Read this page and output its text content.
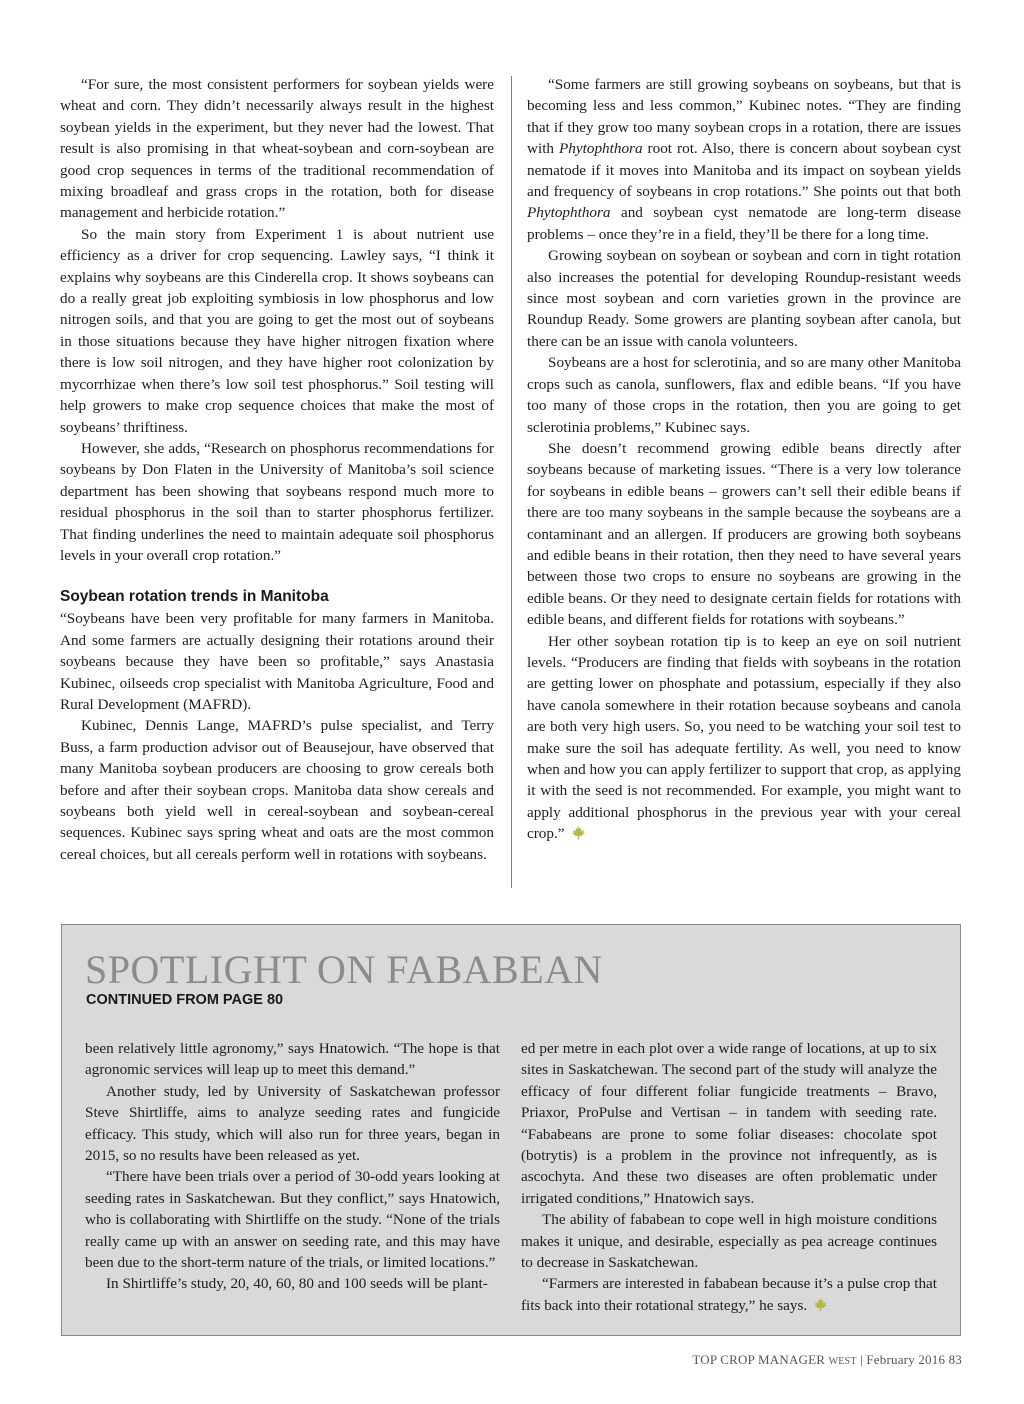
“For sure, the most consistent performers for soybean yields were wheat and corn. They didn’t necessarily always result in the highest soybean yields in the experiment, but they never had the lowest. That result is also promising in that wheat-soybean and corn-soybean are good crop sequences in terms of the traditional recommendation of mixing broadleaf and grass crops in the rotation, both for disease management and herbicide rotation.”

So the main story from Experiment 1 is about nutrient use efficiency as a driver for crop sequencing. Lawley says, “I think it explains why soybeans are this Cinderella crop. It shows soybeans can do a really great job exploiting symbiosis in low phosphorus and low nitrogen soils, and that you are going to get the most out of soybeans in those situations because they have higher nitrogen fixation where there is low soil nitrogen, and they have higher root colonization by mycorrhizae when there’s low soil test phosphorus.” Soil testing will help growers to make crop sequence choices that make the most of soybeans’ thriftiness.

However, she adds, “Research on phosphorus recommendations for soybeans by Don Flaten in the University of Manitoba’s soil science department has been showing that soybeans respond much more to residual phosphorus in the soil than to starter phosphorus fertilizer. That finding underlines the need to maintain adequate soil phosphorus levels in your overall crop rotation.”

Soybean rotation trends in Manitoba

“Soybeans have been very profitable for many farmers in Manitoba. And some farmers are actually designing their rotations around their soybeans because they have been so profitable,” says Anastasia Kubinec, oilseeds crop specialist with Manitoba Agriculture, Food and Rural Development (MAFRD).

Kubinec, Dennis Lange, MAFRD’s pulse specialist, and Terry Buss, a farm production advisor out of Beausejour, have observed that many Manitoba soybean producers are choosing to grow cereals both before and after their soybean crops. Manitoba data show cereals and soybeans both yield well in cereal-soybean and soybean-cereal sequences. Kubinec says spring wheat and oats are the most common cereal choices, but all cereals perform well in rotations with soybeans.

“Some farmers are still growing soybeans on soybeans, but that is becoming less and less common,” Kubinec notes. “They are finding that if they grow too many soybean crops in a rotation, there are issues with Phytophthora root rot. Also, there is concern about soybean cyst nematode if it moves into Manitoba and its impact on soybean yields and frequency of soybeans in crop rotations.” She points out that both Phytophthora and soybean cyst nematode are long-term disease problems – once they’re in a field, they’ll be there for a long time.

Growing soybean on soybean or soybean and corn in tight rotation also increases the potential for developing Roundup-resistant weeds since most soybean and corn varieties grown in the province are Roundup Ready. Some growers are planting soybean after canola, but there can be an issue with canola volunteers.

Soybeans are a host for sclerotinia, and so are many other Manitoba crops such as canola, sunflowers, flax and edible beans. “If you have too many of those crops in the rotation, then you are going to get sclerotinia problems,” Kubinec says.

She doesn’t recommend growing edible beans directly after soybeans because of marketing issues. “There is a very low tolerance for soybeans in edible beans – growers can’t sell their edible beans if there are too many soybeans in the sample because the soybeans are a contaminant and an allergen. If producers are growing both soybeans and edible beans in their rotation, then they need to have several years between those two crops to ensure no soybeans are growing in the edible beans. Or they need to designate certain fields for rotations with edible beans, and different fields for rotations with soybeans.”

Her other soybean rotation tip is to keep an eye on soil nutrient levels. “Producers are finding that fields with soybeans in the rotation are getting lower on phosphate and potassium, especially if they also have canola somewhere in their rotation because soybeans and canola are both very high users. So, you need to be watching your soil test to make sure the soil has adequate fertility. As well, you need to know when and how you can apply fertilizer to support that crop, as applying it with the seed is not recommended. For example, you might want to apply additional phosphorus in the previous year with your cereal crop.”

SPOTLIGHT ON FABABEAN

CONTINUED FROM PAGE 80

been relatively little agronomy,” says Hnatowich. “The hope is that agronomic services will leap up to meet this demand.”

Another study, led by University of Saskatchewan professor Steve Shirtliffe, aims to analyze seeding rates and fungicide efficacy. This study, which will also run for three years, began in 2015, so no results have been released as yet.

“There have been trials over a period of 30-odd years looking at seeding rates in Saskatchewan. But they conflict,” says Hnatowich, who is collaborating with Shirtliffe on the study. “None of the trials really came up with an answer on seeding rate, and this may have been due to the short-term nature of the trials, or limited locations.”

In Shirtliffe’s study, 20, 40, 60, 80 and 100 seeds will be plant-

ed per metre in each plot over a wide range of locations, at up to six sites in Saskatchewan. The second part of the study will analyze the efficacy of four different foliar fungicide treatments – Bravo, Priaxor, ProPulse and Vertisan – in tandem with seeding rate. “Fababeans are prone to some foliar diseases: chocolate spot (botrytis) is a problem in the province not infrequently, as is ascochyta. And these two diseases are often problematic under irrigated conditions,” Hnatowich says.

The ability of fababean to cope well in high moisture conditions makes it unique, and desirable, especially as pea acreage continues to decrease in Saskatchewan.

“Farmers are interested in fababean because it’s a pulse crop that fits back into their rotational strategy,” he says.

TOP CROP MANAGER WEST | February 2016 83
